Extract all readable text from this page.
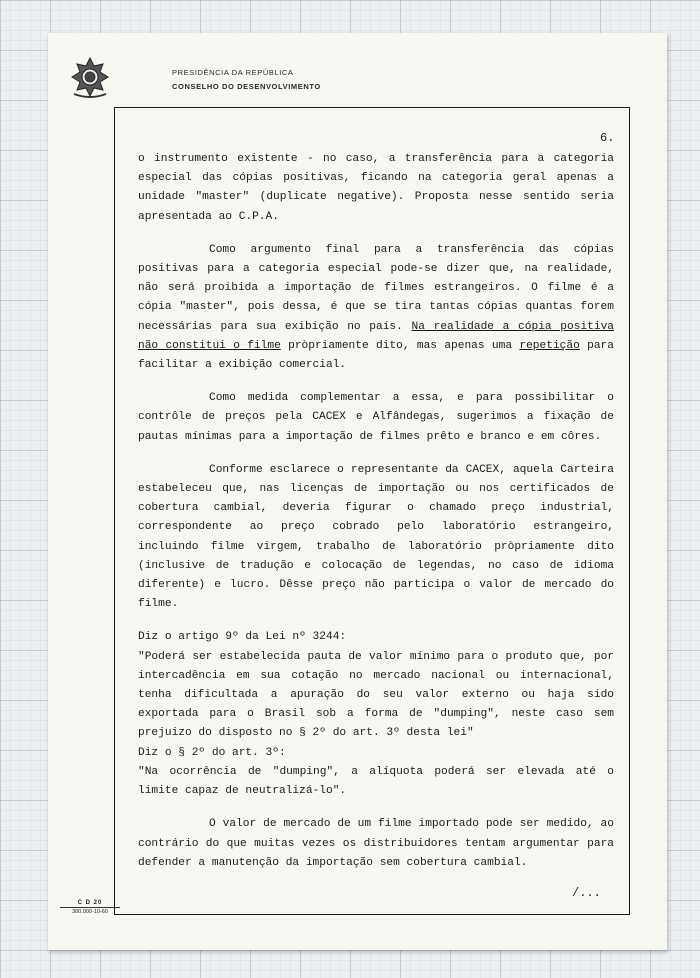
PRESIDÊNCIA DA REPÚBLICA
CONSELHO DO DESENVOLVIMENTO
6.

o instrumento existente - no caso, a transferência para a categoria especial das cópias positivas, ficando na categoria geral apenas a unidade "master" (duplicate negative). Proposta nesse sentido seria apresentada ao C.P.A.

Como argumento final para a transferência das cópias positivas para a categoria especial pode-se dizer que, na realidade, não será proibida a importação de filmes estrangeiros. O filme é a cópia "master", pois dessa, é que se tira tantas cópias quantas forem necessárias para sua exibição no país. Na realidade a cópia positiva não constitui o filme pròpriamente dito, mas apenas uma repetição para facilitar a exibição comercial.

Como medida complementar a essa, e para possibilitar o contrôle de preços pela CACEX e Alfândegas, sugerimos a fixação de pautas mínimas para a importação de filmes prêto e branco e em côres.

Conforme esclarece o representante da CACEX, aquela Carteira estabeleceu que, nas licenças de importação ou nos certificados de cobertura cambial, deveria figurar o chamado preço industrial, correspondente ao preço cobrado pelo laboratório estrangeiro, incluindo filme virgem, trabalho de laboratório pròpriamente dito (inclusive de tradução e colocação de legendas, no caso de idioma diferente) e lucro. Dêsse preço não participa o valor de mercado do filme.

Diz o artigo 9º da Lei nº 3244:

"Poderá ser estabelecida pauta de valor mínimo para o produto que, por intercadência em sua cotação no mercado nacional ou internacional, tenha dificultada a apuração do seu valor externo ou haja sido exportada para o Brasil sob a forma de "dumping", neste caso sem prejuizo do disposto no § 2º do art. 3º desta lei"

Diz o § 2º do art. 3º:

"Na ocorrência de "dumping", a alíquota poderá ser elevada até o limite capaz de neutralizá-lo".

O valor de mercado de um filme importado pode ser medido, ao contrário do que muitas vezes os distribuidores tentam argumentar para defender a manutenção da importação sem cobertura cambial.

/...
C D 20
300.000-10-60
